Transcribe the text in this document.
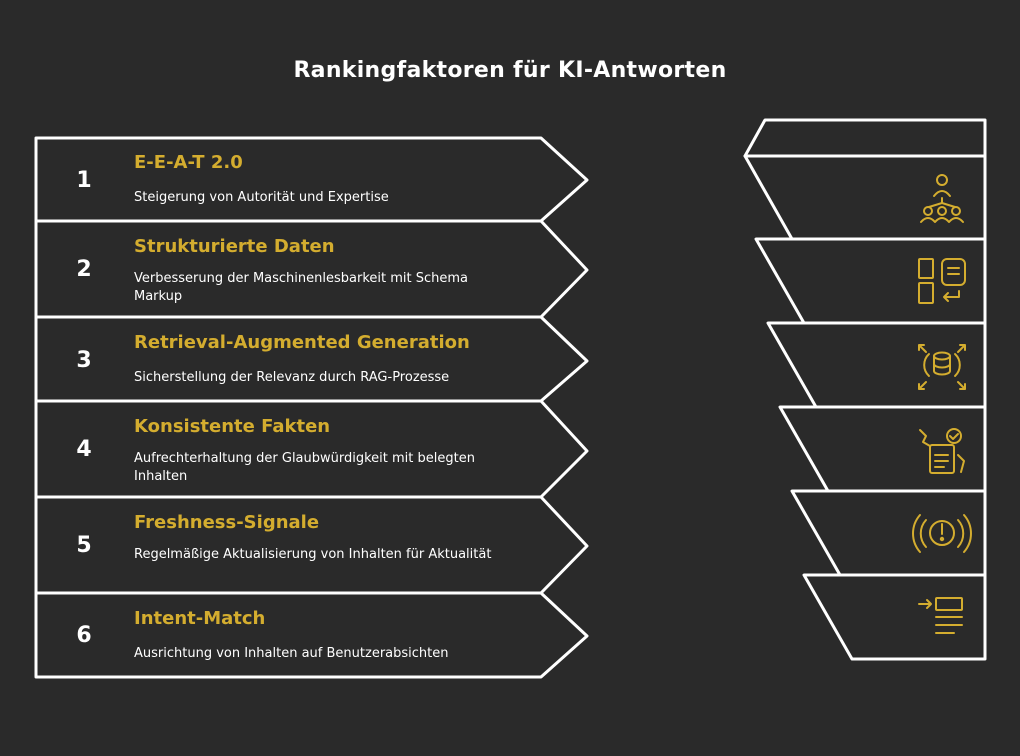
Rankingfaktoren für KI-Antworten
1
E-E-A-T 2.0
Steigerung von Autorität und Expertise
2
Strukturierte Daten
Verbesserung der Maschinenlesbarkeit mit Schema Markup
3
Retrieval-Augmented Generation
Sicherstellung der Relevanz durch RAG-Prozesse
4
Konsistente Fakten
Aufrechterhaltung der Glaubwürdigkeit mit belegten Inhalten
5
Freshness-Signale
Regelmäßige Aktualisierung von Inhalten für Aktualität
6
Intent-Match
Ausrichtung von Inhalten auf Benutzerabsichten
